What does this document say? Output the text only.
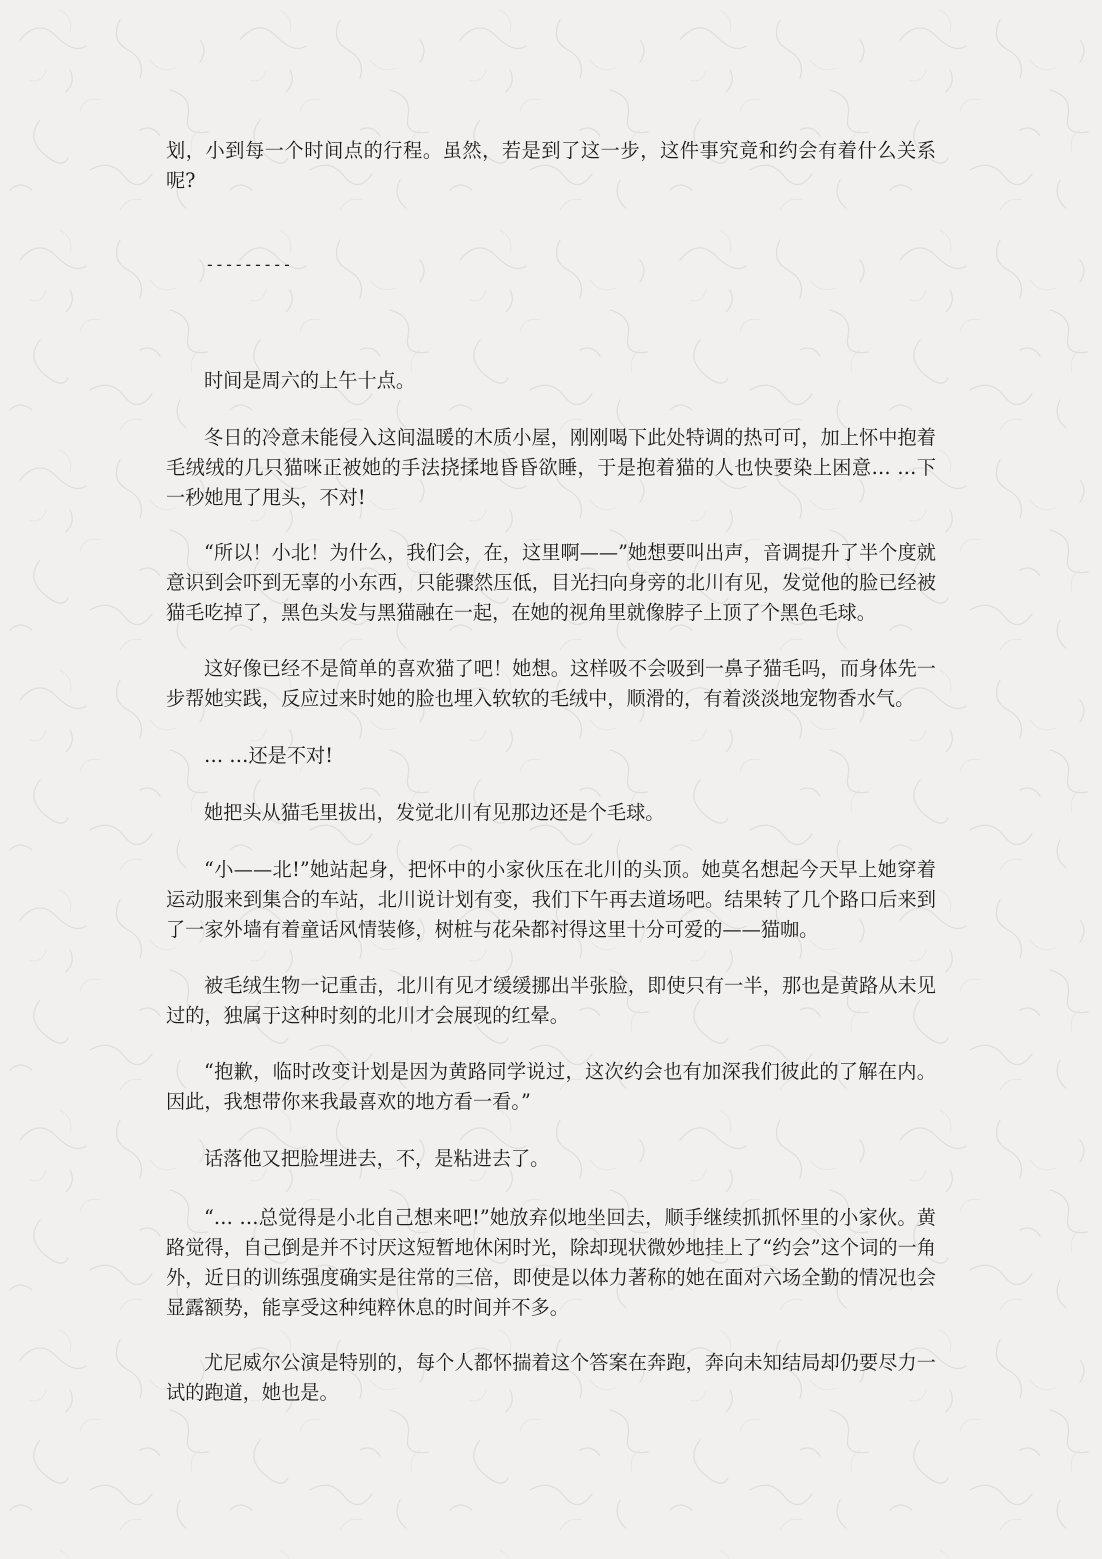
划，小到每一个时间点的行程。虽然，若是到了这一步，这件事究竟和约会有着什么关系呢?

---------

时间是周六的上午十点。

冬日的冷意未能侵入这间温暖的木质小屋，刚刚喝下此处特调的热可可，加上怀中抱着毛绒绒的几只猫咪正被她的手法挠揉地昏昏欲睡，于是抱着猫的人也快要染上困意… …下一秒她甩了甩头，不对!

“所以！小北！为什么，我们会，在，这里啊——”她想要叫出声，音调提升了半个度就意识到会吓到无辜的小东西，只能骤然压低，目光扫向身旁的北川有见，发觉他的脸已经被猫毛吃掉了，黑色头发与黑猫融在一起，在她的视角里就像脖子上顶了个黑色毛球。

这好像已经不是简单的喜欢猫了吧！她想。这样吸不会吸到一鼻子猫毛吗，而身体先一步帮她实践，反应过来时她的脸也埋入软软的毛绒中，顺滑的，有着淡淡地宠物香水气。

… …还是不对!

她把头从猫毛里拔出，发觉北川有见那边还是个毛球。

“小——北!”她站起身，把怀中的小家伙压在北川的头顶。她莫名想起今天早上她穿着运动服来到集合的车站，北川说计划有变，我们下午再去道场吧。结果转了几个路口后来到了一家外墙有着童话风情装修，树桩与花朵都衬得这里十分可爱的——猫咖。

被毛绒生物一记重击，北川有见才缓缓挪出半张脸，即使只有一半，那也是黄路从未见过的，独属于这种时刻的北川才会展现的红晕。

“抱歉，临时改变计划是因为黄路同学说过，这次约会也有加深我们彼此的了解在内。因此，我想带你来我最喜欢的地方看一看。”

话落他又把脸埋进去，不，是粘进去了。

“… …总觉得是小北自己想来吧!”她放弃似地坐回去，顺手继续抓抓怀里的小家伙。黄路觉得，自己倒是并不讨厌这短暂地休闲时光，除却现状微妙地挂上了“约会”这个词的一角外，近日的训练强度确实是往常的三倍，即使是以体力著称的她在面对六场全勤的情况也会显露额势，能享受这种纯粹休息的时间并不多。

尤尼威尔公演是特别的，每个人都怀揣着这个答案在奔跑，奔向未知结局却仍要尽力一试的跑道，她也是。
